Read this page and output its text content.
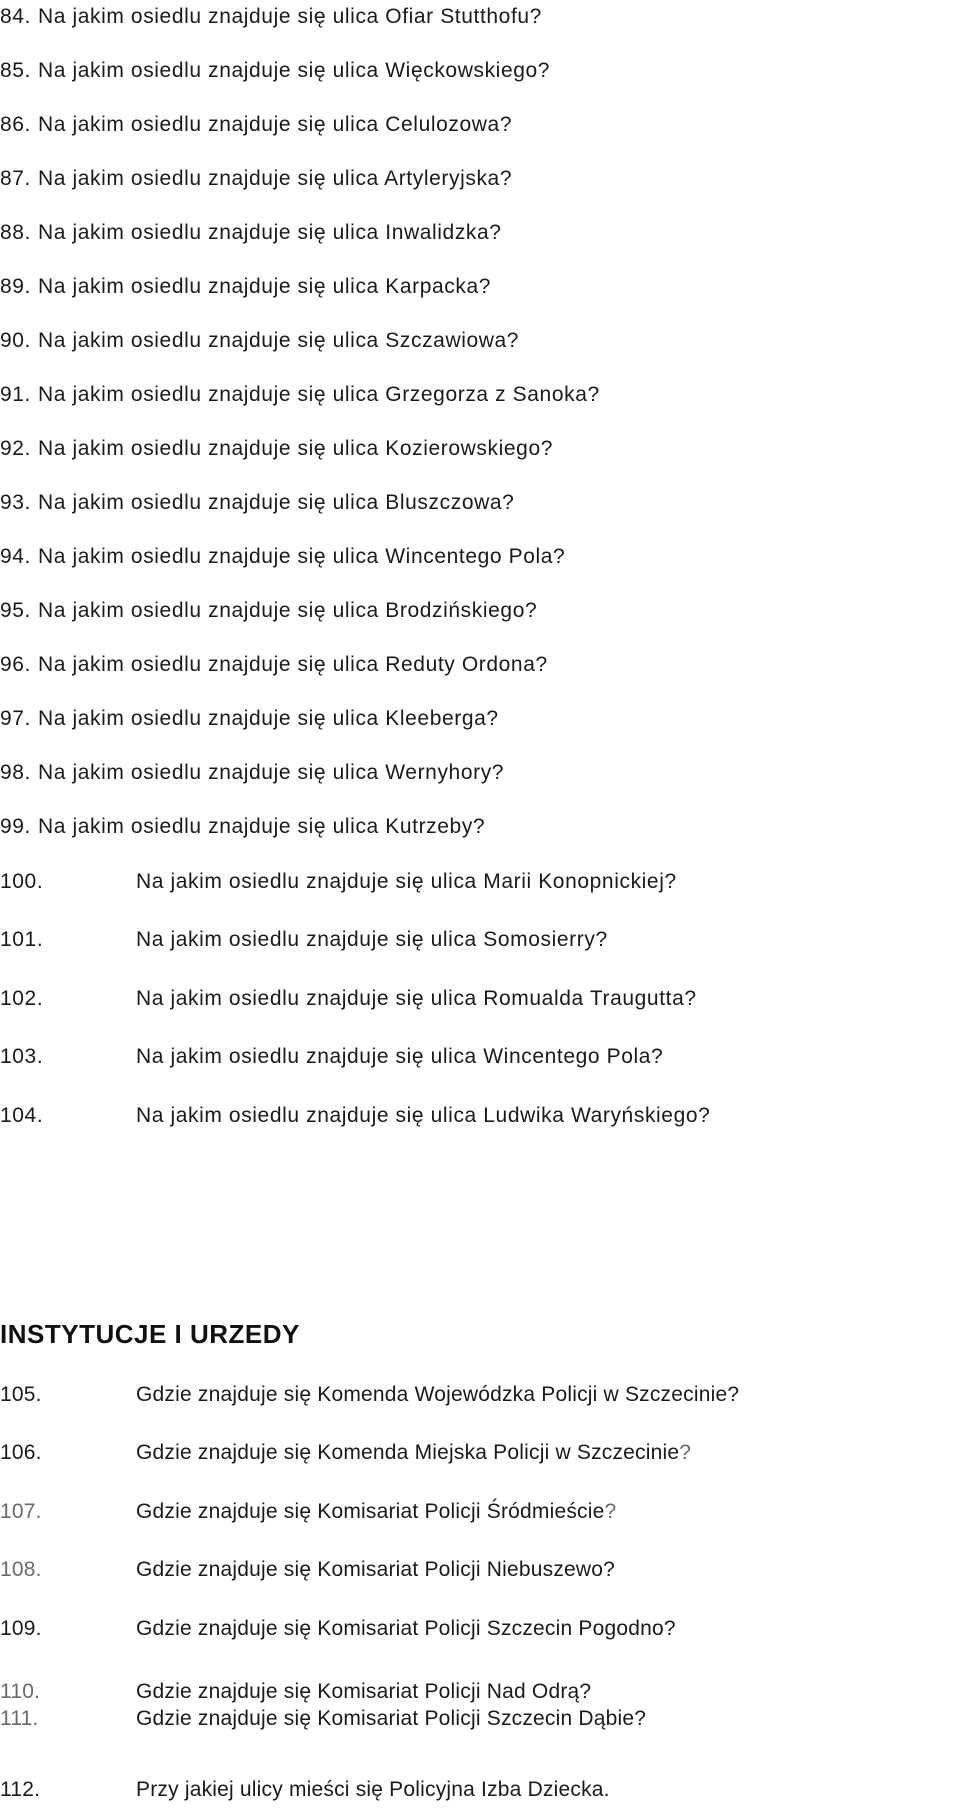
84. Na jakim osiedlu znajduje się ulica Ofiar Stutthofu?
85. Na jakim osiedlu znajduje się ulica Więckowskiego?
86. Na jakim osiedlu znajduje się ulica Celulozowa?
87. Na jakim osiedlu znajduje się ulica Artyleryjska?
88. Na jakim osiedlu znajduje się ulica Inwalidzka?
89. Na jakim osiedlu znajduje się ulica Karpacka?
90. Na jakim osiedlu znajduje się ulica Szczawiowa?
91. Na jakim osiedlu znajduje się ulica Grzegorza z Sanoka?
92. Na jakim osiedlu znajduje się ulica Kozierowskiego?
93. Na jakim osiedlu znajduje się ulica Bluszczowa?
94. Na jakim osiedlu znajduje się ulica Wincentego Pola?
95. Na jakim osiedlu znajduje się ulica Brodzińskiego?
96. Na jakim osiedlu znajduje się ulica Reduty Ordona?
97. Na jakim osiedlu znajduje się ulica Kleeberga?
98. Na jakim osiedlu znajduje się ulica Wernyhory?
99. Na jakim osiedlu znajduje się ulica Kutrzeby?
100.	Na jakim osiedlu znajduje się ulica Marii Konopnickiej?
101.	Na jakim osiedlu znajduje się ulica Somosierry?
102.	Na jakim osiedlu znajduje się ulica Romualda Traugutta?
103.	Na jakim osiedlu znajduje się ulica Wincentego Pola?
104.	Na jakim osiedlu znajduje się ulica Ludwika Waryńskiego?
INSTYTUCJE I URZEDY
105.	Gdzie znajduje się Komenda Wojewódzka Policji w Szczecinie?
106.	Gdzie znajduje się Komenda Miejska Policji w Szczecinie?
107.	Gdzie znajduje się Komisariat Policji Śródmieście?
108.	Gdzie znajduje się Komisariat Policji Niebuszewo?
109.	Gdzie znajduje się Komisariat Policji Szczecin Pogodno?
110.	Gdzie znajduje się Komisariat Policji Nad Odrą?
111.	Gdzie znajduje się Komisariat Policji Szczecin Dąbie?
112.	Przy jakiej ulicy mieści się Policyjna Izba Dziecka.
